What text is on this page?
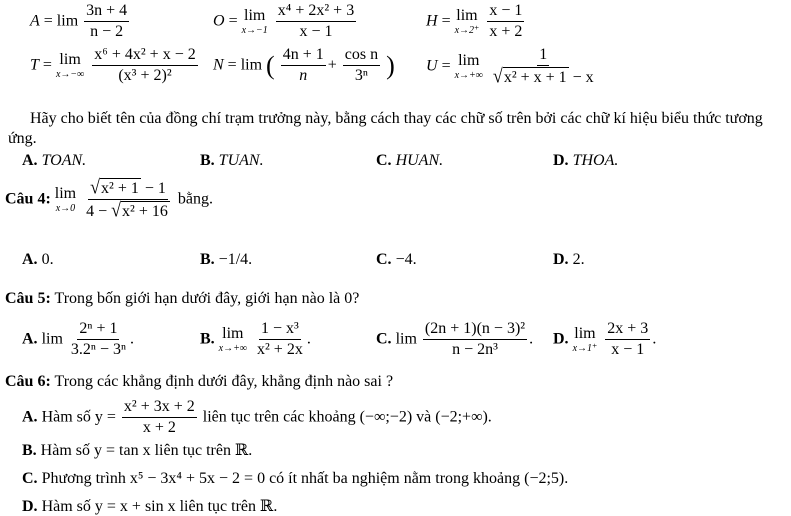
$A = \lim \frac{3n + 4}{n - 2}$	O = lim
x→−1
$\frac{\text{x⁴ + 2x² + 3}}{x - 1}$	H = lim
x→2⁺
$\frac{x - 1}{x + 2}$
T = lim
x→−∞
$\frac{\text{x⁶ + 4x² + x − 2}}{\text{(x³ + 2)²}}$ N = lim ( $\frac{4n + 1}{n} + \frac{\text{cos n}}{\text{3ⁿ}}$ ) U = lim
x→+∞
$\frac{1}{\text{√ x² + x + 1 − x}}$
Hãy cho biết tên của đồng chí trạm trưởng này, bằng cách thay các chữ số trên bởi các chữ kí hiệu biểu thức tương ứng.
A. TOAN.	B. TUAN.	C. HUAN.	D. THOA.
Câu 4: lim
x→0
$\frac{\text{√ x² + 1 − 1}}{\text{4 − √ x² + 16}}$ bằng.
A. 0.	B. −1/4.	C. −4.	D. 2.
Câu 5: Trong bốn giới hạn dưới đây, giới hạn nào là 0?
A. $\lim \frac{\text{2ⁿ + 1}}{\text{3.2ⁿ − 3ⁿ}}$ .	B. lim
x→+∞
$\frac{\text{1 − x³}}{\text{x² + 2x}}$ .	C. $\lim \frac{\text{(2n + 1)(n − 3)²}}{\text{n − 2n³}}$ . D. lim
x→1⁺
$\frac{2x + 3}{x - 1}$ .
Câu 6: Trong các khẳng định dưới đây, khẳng định nào sai ?
A. Hàm số $y = \frac{\text{x² + 3x + 2}}{x + 2}$ liên tục trên các khoảng (−∞;−2) và (−2;+∞).
B. Hàm số y = tan x liên tục trên ℝ.
C. Phương trình x⁵ − 3x⁴ + 5x − 2 = 0 có ít nhất ba nghiệm nằm trong khoảng (−2;5).
D. Hàm số y = x + sin x liên tục trên ℝ.
